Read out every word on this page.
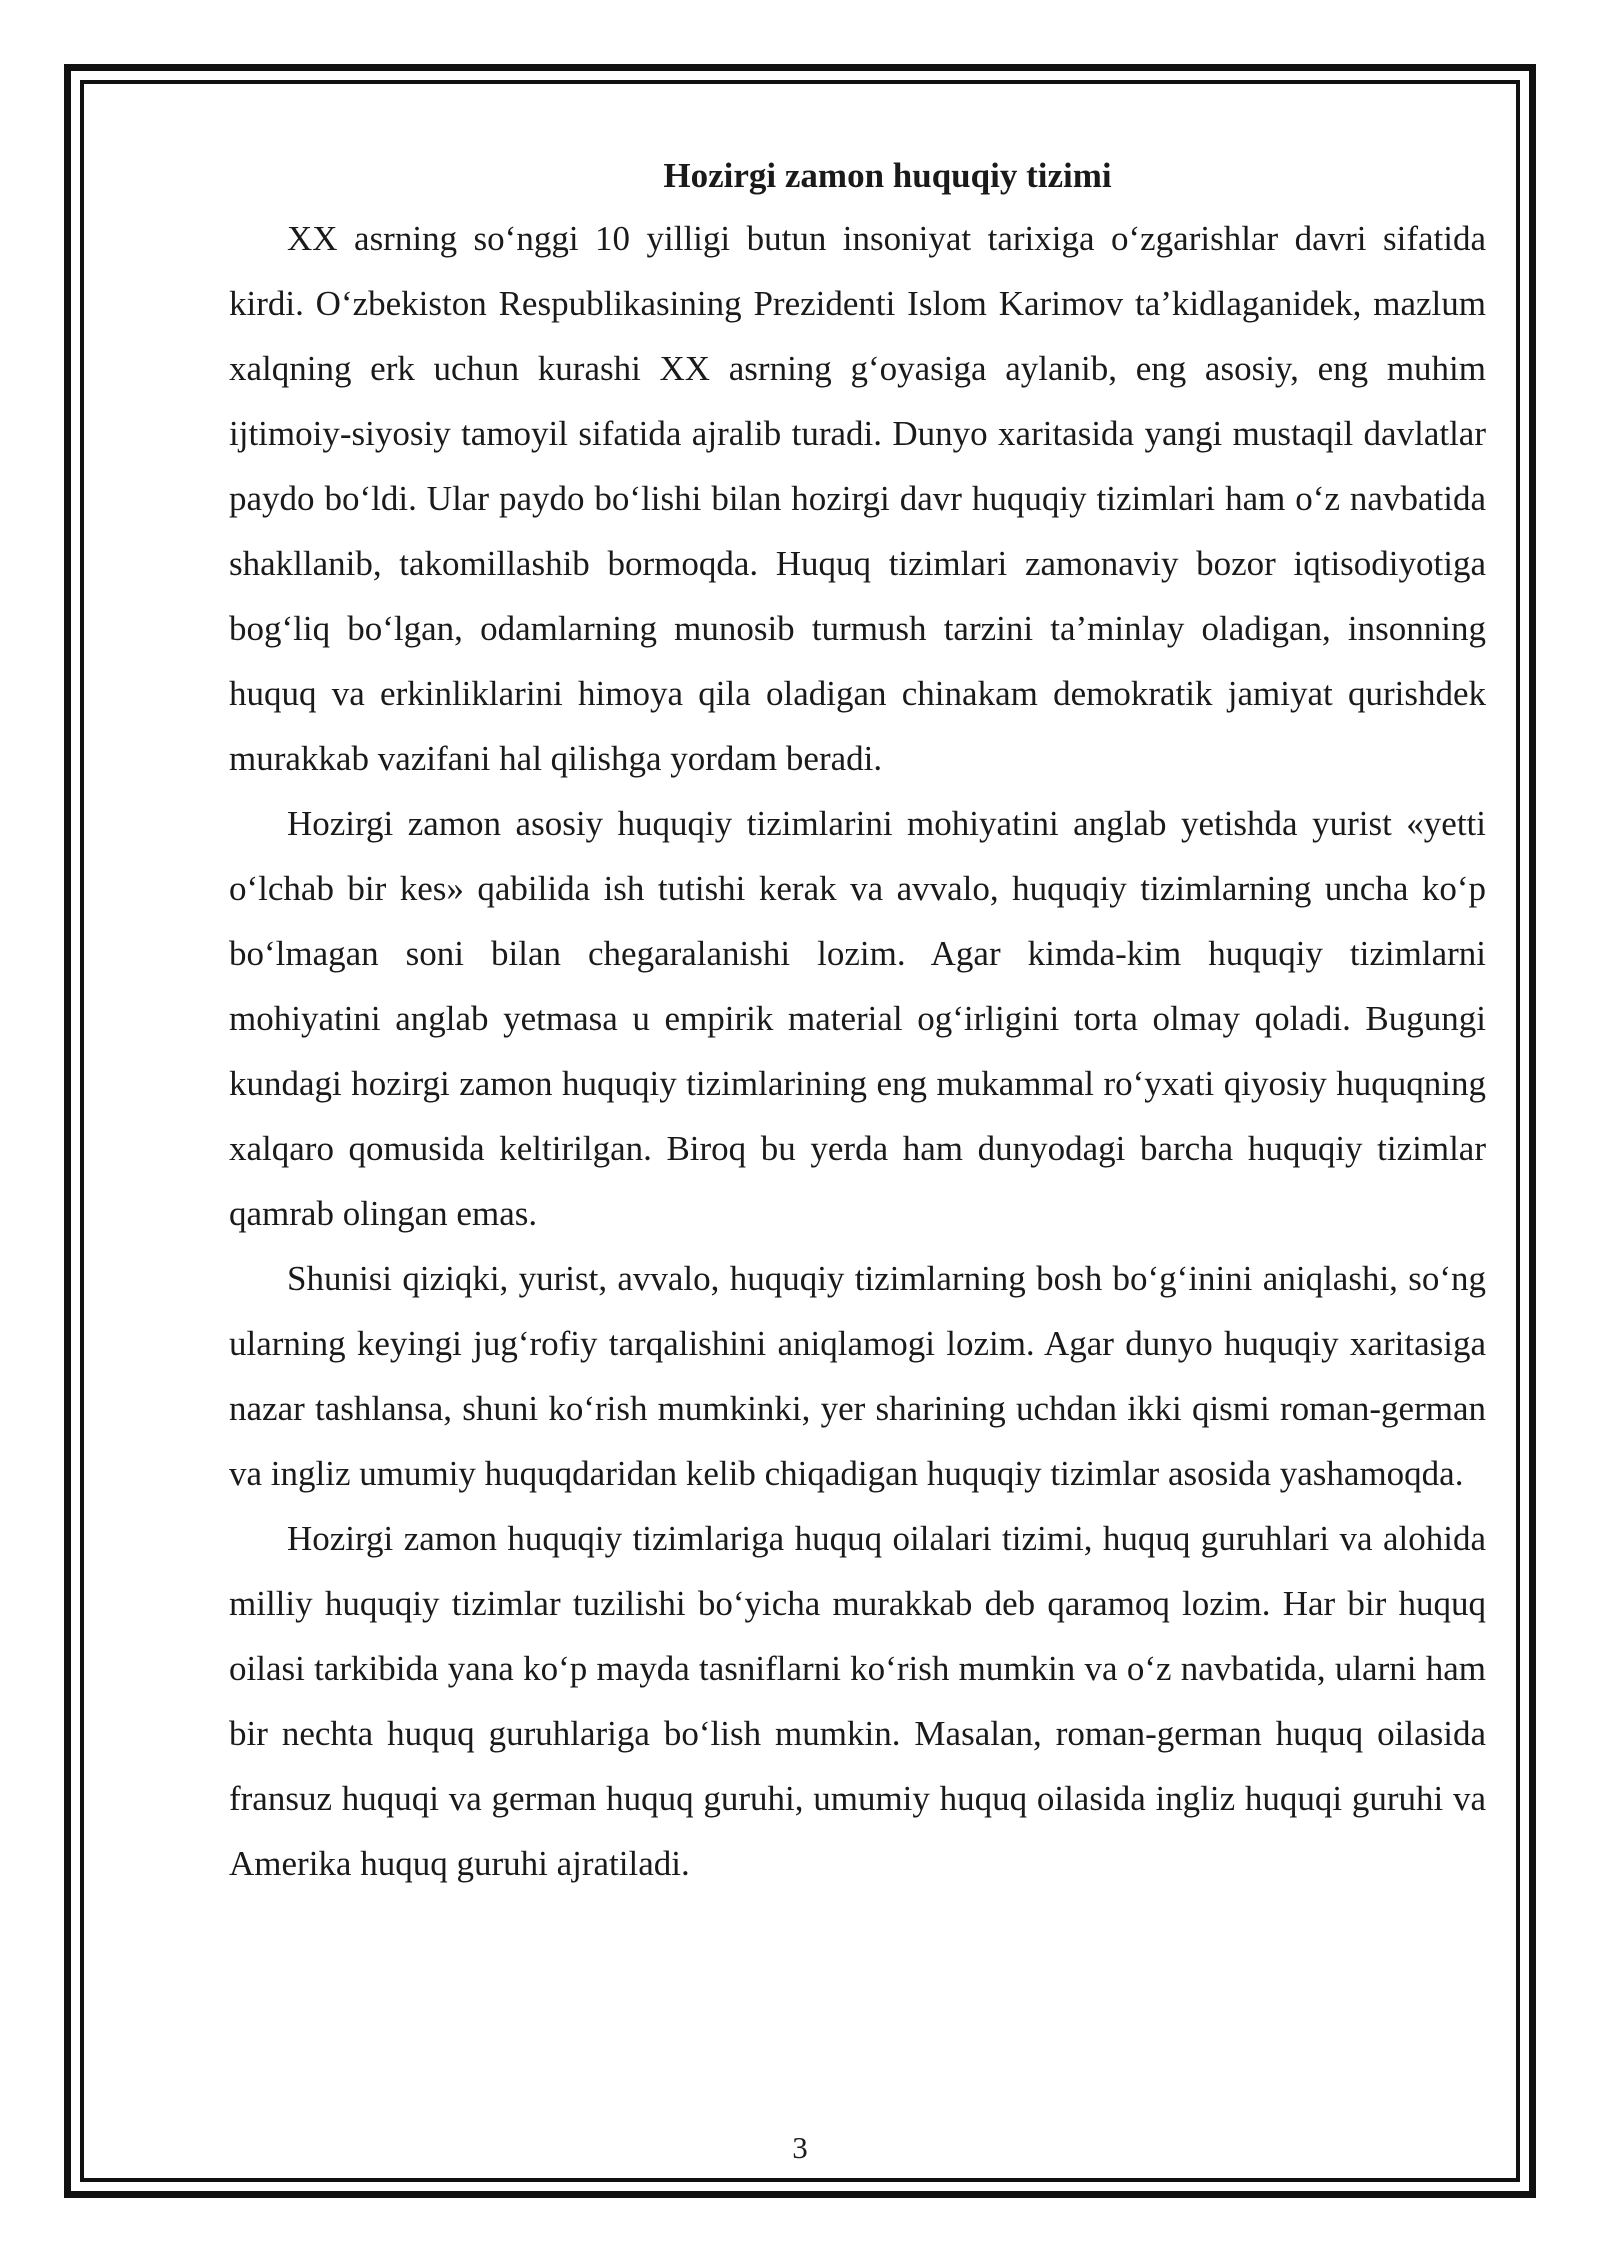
Hozirgi zamon huquqiy tizimi

XX asrning so‘nggi 10 yilligi butun insoniyat tarixiga o‘zgarishlar davri sifatida kirdi. O‘zbekiston Respublikasining Prezidenti Islom Karimov ta’kidlaganidek, mazlum xalqning erk uchun kurashi XX asrning g‘oyasiga aylanib, eng asosiy, eng muhim ijtimoiy-siyosiy tamoyil sifatida ajralib turadi. Dunyo xaritasida yangi mustaqil davlatlar paydo bo‘ldi. Ular paydo bo‘lishi bilan hozirgi davr huquqiy tizimlari ham o‘z navbatida shakllanib, takomillashib bormoqda. Huquq tizimlari zamonaviy bozor iqtisodiyotiga bog‘liq bo‘lgan, odamlarning munosib turmush tarzini ta’minlay oladigan, insonning huquq va erkinliklarini himoya qila oladigan chinakam demokratik jamiyat qurishdek murakkab vazifani hal qilishga yordam beradi.

Hozirgi zamon asosiy huquqiy tizimlarini mohiyatini anglab yetishda yurist «yetti o‘lchab bir kes» qabilida ish tutishi kerak va avvalo, huquqiy tizimlarning uncha ko‘p bo‘lmagan soni bilan chegaralanishi lozim. Agar kimda-kim huquqiy tizimlarni mohiyatini anglab yetmasa u empirik material og‘irligini torta olmay qoladi. Bugungi kundagi hozirgi zamon huquqiy tizimlarining eng mukammal ro‘yxati qiyosiy huquqning xalqaro qomusida keltirilgan. Biroq bu yerda ham dunyodagi barcha huquqiy tizimlar qamrab olingan emas.

Shunisi qiziqki, yurist, avvalo, huquqiy tizimlarning bosh bo‘g‘inini aniqlashi, so‘ng ularning keyingi jug‘rofiy tarqalishini aniqlamogi lozim. Agar dunyo huquqiy xaritasiga nazar tashlansa, shuni ko‘rish mumkinki, yer sharining uchdan ikki qismi roman-german va ingliz umumiy huquqdaridan kelib chiqadigan huquqiy tizimlar asosida yashamoqda.

Hozirgi zamon huquqiy tizimlariga huquq oilalari tizimi, huquq guruhlari va alohida milliy huquqiy tizimlar tuzilishi bo‘yicha murakkab deb qaramoq lozim. Har bir huquq oilasi tarkibida yana ko‘p mayda tasniflarni ko‘rish mumkin va o‘z navbatida, ularni ham bir nechta huquq guruhlariga bo‘lish mumkin. Masalan, roman-german huquq oilasida fransuz huquqi va german huquq guruhi, umumiy huquq oilasida ingliz huquqi guruhi va Amerika huquq guruhi ajratiladi.

3
